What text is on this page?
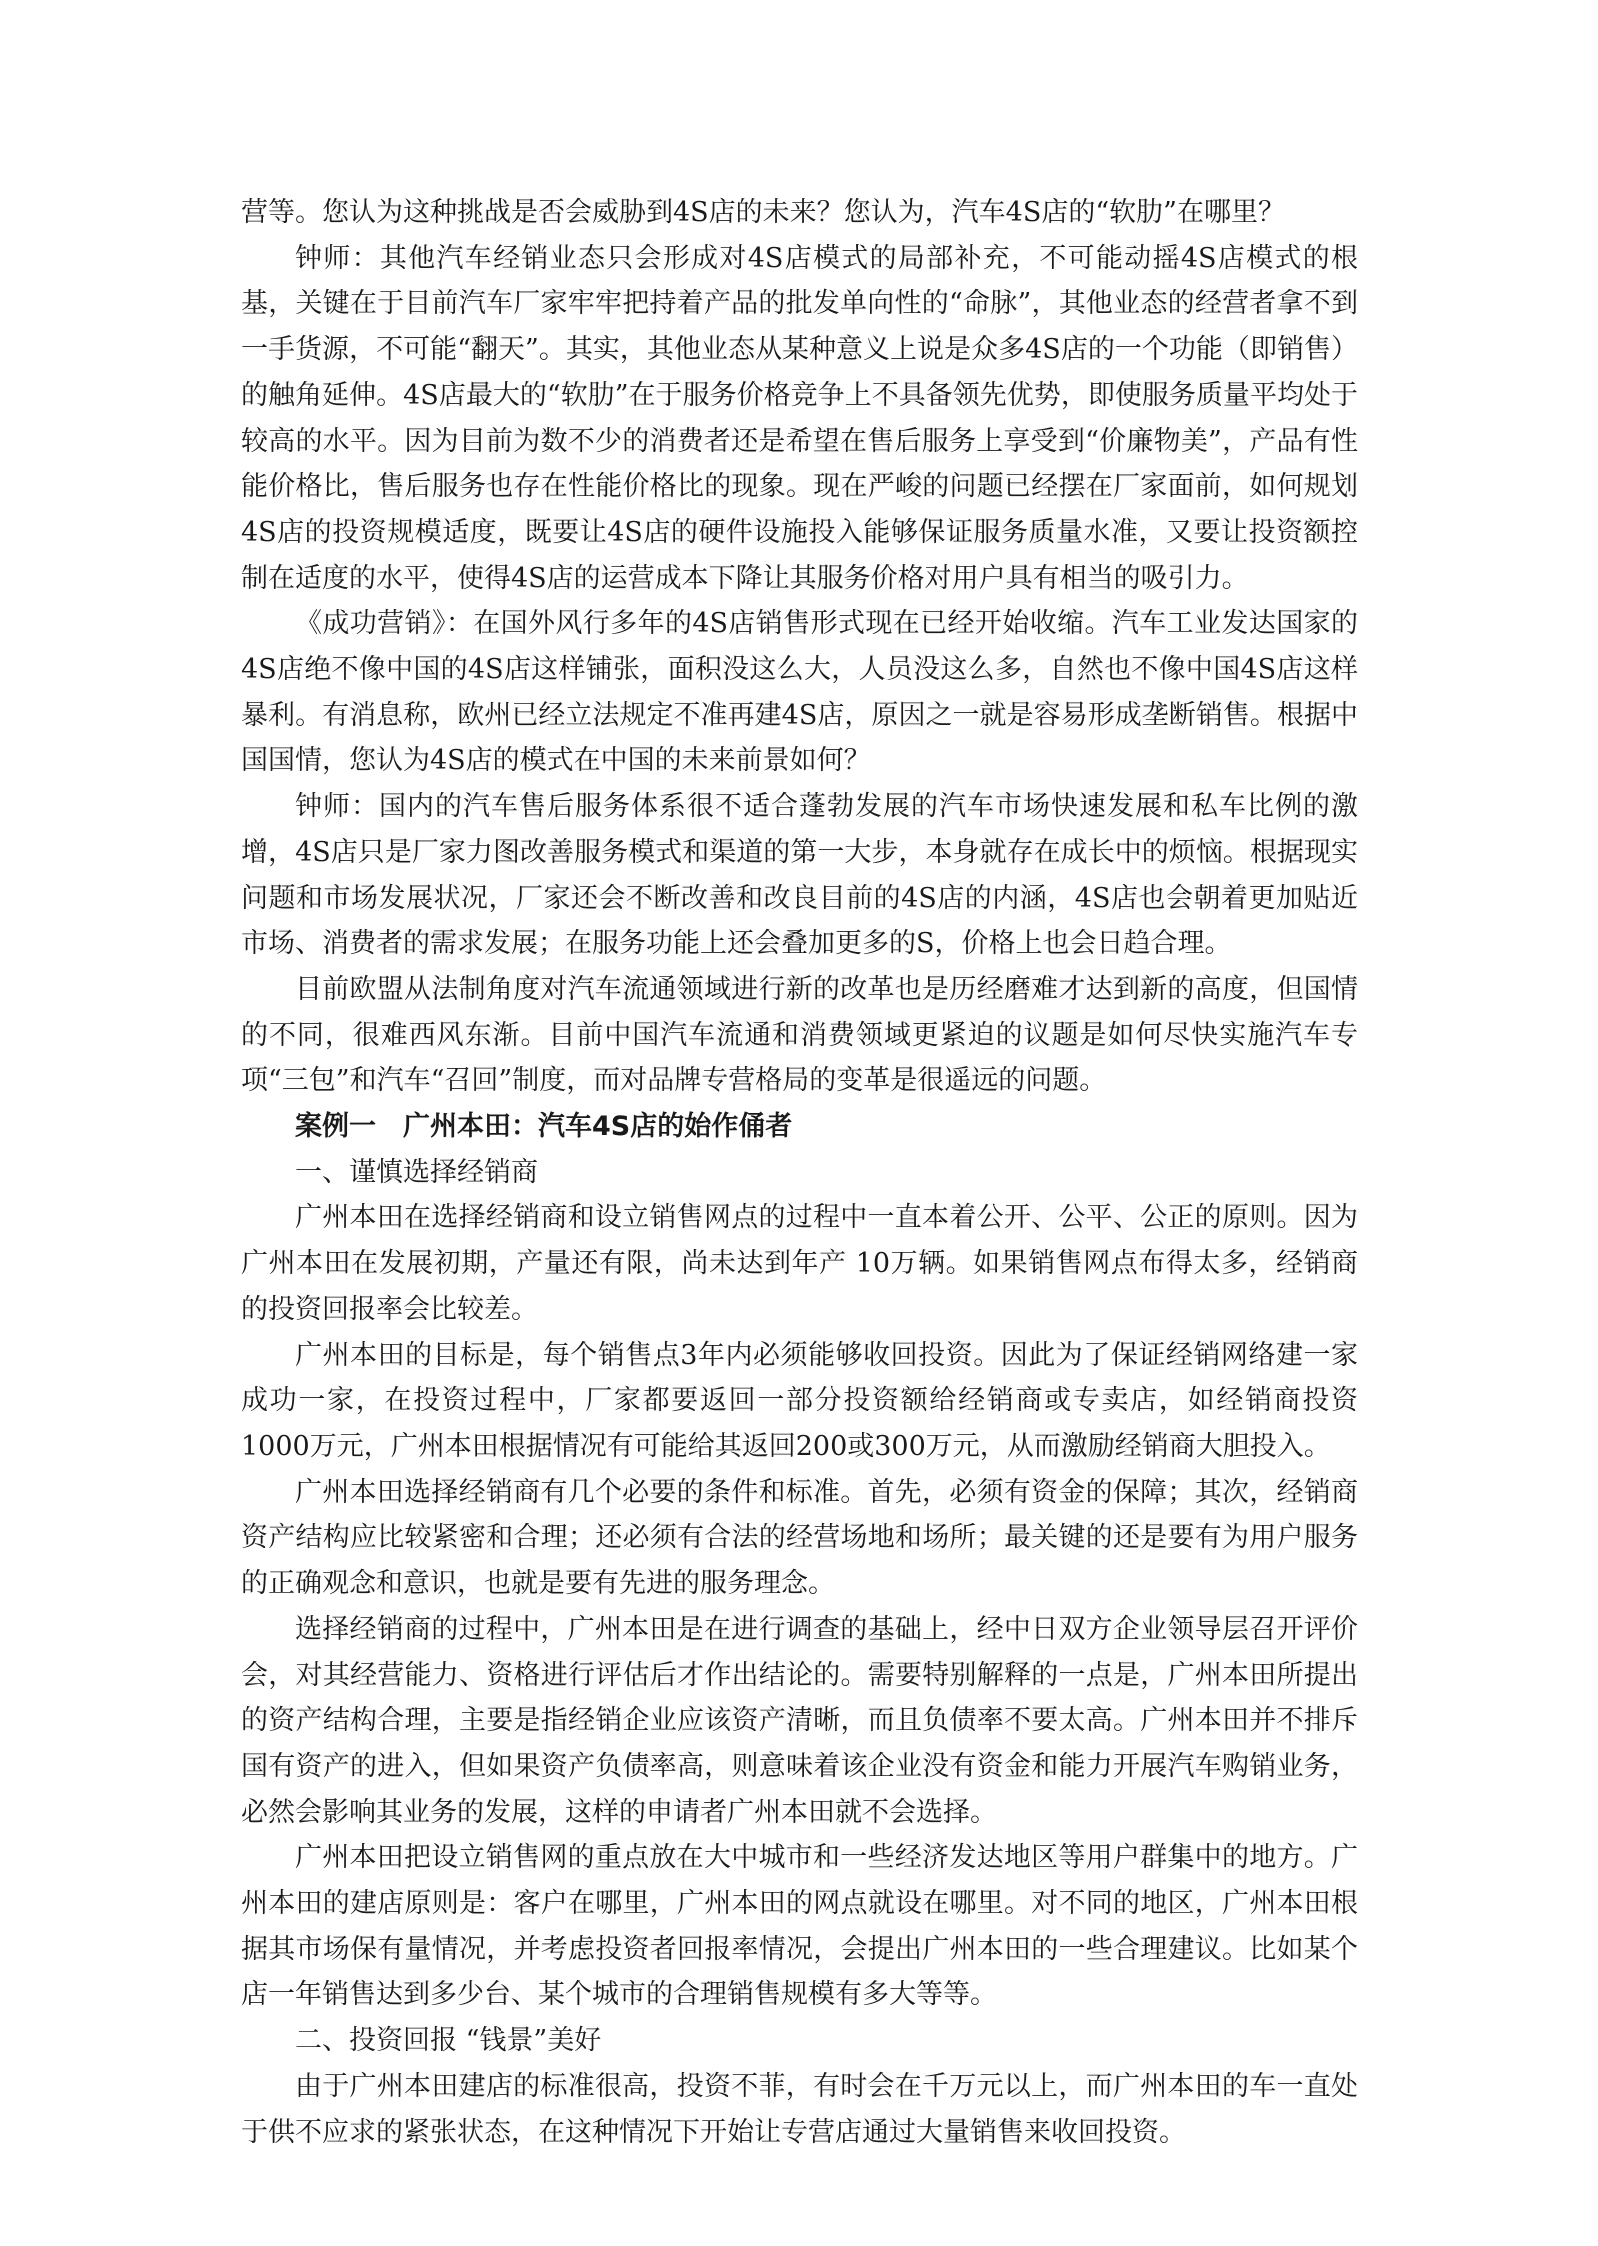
营等。您认为这种挑战是否会威胁到4S店的未来？您认为，汽车4S店的“软肋”在哪里？

钟师：其他汽车经销业态只会形成对4S店模式的局部补充，不可能动摇4S店模式的根基，关键在于目前汽车厂家牢牢把持着产品的批发单向性的“命脉”，其他业态的经营者拿不到一手货源，不可能“翻天”。其实，其他业态从某种意义上说是众多4S店的一个功能（即销售）的触角延伸。4S店最大的“软肋”在于服务价格竞争上不具备领先优势，即使服务质量平均处于较高的水平。因为目前为数不少的消费者还是希望在售后服务上享受到“价廉物美”，产品有性能价格比，售后服务也存在性能价格比的现象。现在严峻的问题已经摆在厂家面前，如何规划4S店的投资规模适度，既要让4S店的硬件设施投入能够保证服务质量水准，又要让投资额控制在适度的水平，使得4S店的运营成本下降让其服务价格对用户具有相当的吸引力。

《成功营销》：在国外风行多年的4S店销售形式现在已经开始收缩。汽车工业发达国家的4S店绝不像中国的4S店这样铺张，面积没这么大，人员没这么多，自然也不像中国4S店这样暴利。有消息称，欧州已经立法规定不准再建4S店，原因之一就是容易形成垄断销售。根据中国国情，您认为4S店的模式在中国的未来前景如何？

钟师：国内的汽车售后服务体系很不适合蓬勃发展的汽车市场快速发展和私车比例的激增，4S店只是厂家力图改善服务模式和渠道的第一大步，本身就存在成长中的烦恼。根据现实问题和市场发展状况，厂家还会不断改善和改良目前的4S店的内涵，4S店也会朝着更加贴近市场、消费者的需求发展；在服务功能上还会叠加更多的S，价格上也会日趋合理。

目前欧盟从法制角度对汽车流通领域进行新的改革也是历经磨难才达到新的高度，但国情的不同，很难西风东渐。目前中国汽车流通和消费领域更紧迫的议题是如何尽快实施汽车专项“三包”和汽车“召回”制度，而对品牌专营格局的变革是很遥远的问题。

案例一　广州本田：汽车4S店的始作俑者

一、谨慎选择经销商

广州本田在选择经销商和设立销售网点的过程中一直本着公开、公平、公正的原则。因为广州本田在发展初期，产量还有限，尚未达到年产 10万辆。如果销售网点布得太多，经销商的投资回报率会比较差。

广州本田的目标是，每个销售点3年内必须能够收回投资。因此为了保证经销网络建一家成功一家，在投资过程中，厂家都要返回一部分投资额给经销商或专卖店，如经销商投资1000万元，广州本田根据情况有可能给其返回200或300万元，从而激励经销商大胆投入。

广州本田选择经销商有几个必要的条件和标准。首先，必须有资金的保障；其次，经销商资产结构应比较紧密和合理；还必须有合法的经营场地和场所；最关键的还是要有为用户服务的正确观念和意识，也就是要有先进的服务理念。

选择经销商的过程中，广州本田是在进行调查的基础上，经中日双方企业领导层召开评价会，对其经营能力、资格进行评估后才作出结论的。需要特别解释的一点是，广州本田所提出的资产结构合理，主要是指经销企业应该资产清晰，而且负债率不要太高。广州本田并不排斥国有资产的进入，但如果资产负债率高，则意味着该企业没有资金和能力开展汽车购销业务，必然会影响其业务的发展，这样的申请者广州本田就不会选择。

广州本田把设立销售网的重点放在大中城市和一些经济发达地区等用户群集中的地方。广州本田的建店原则是：客户在哪里，广州本田的网点就设在哪里。对不同的地区，广州本田根据其市场保有量情况，并考虑投资者回报率情况，会提出广州本田的一些合理建议。比如某个店一年销售达到多少台、某个城市的合理销售规模有多大等等。

二、投资回报 “钱景”美好

由于广州本田建店的标准很高，投资不菲，有时会在千万元以上，而广州本田的车一直处于供不应求的紧张状态，在这种情况下开始让专营店通过大量销售来收回投资。
